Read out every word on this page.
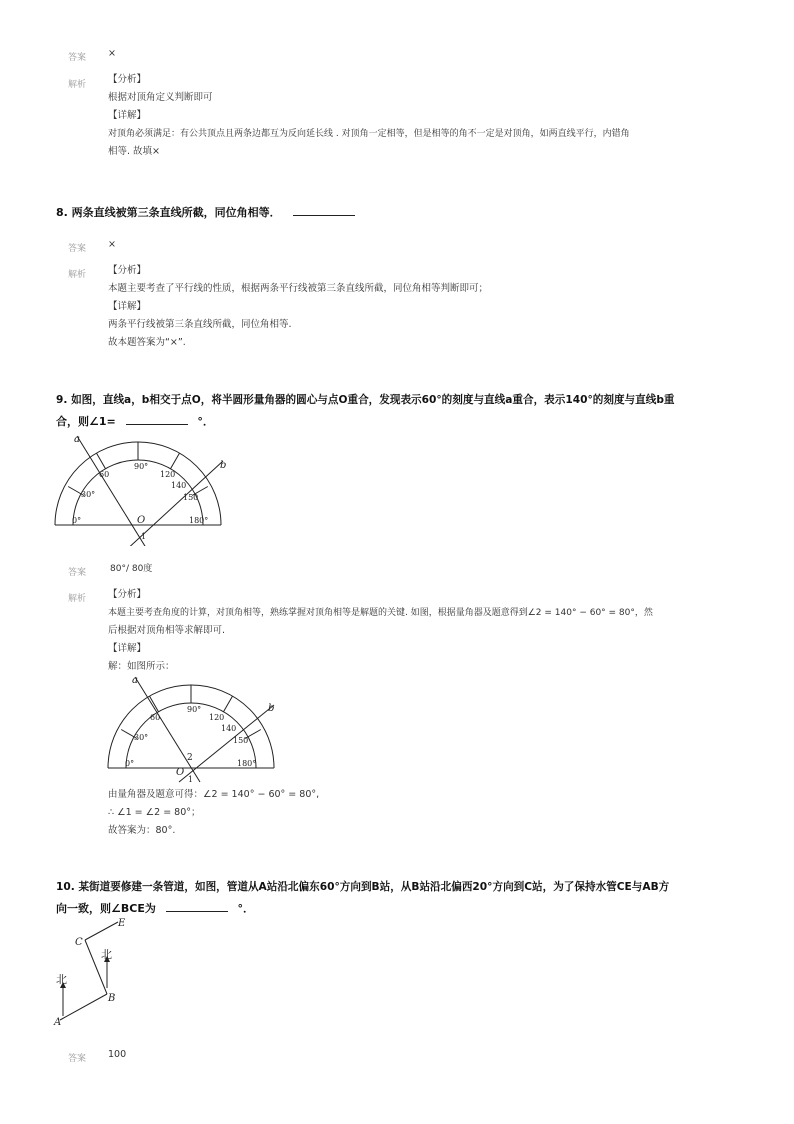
答案 ×
解析 【分析】
根据对顶角定义判断即可
【详解】
对顶角必须满足：有公共顶点且两条边都互为反向延长线 . 对顶角一定相等，但是相等的角不一定是对顶角，如两直线平行，内错角
相等. 故填×
8. 两条直线被第三条直线所截，同位角相等．
答案 ×
解析 【分析】
本题主要考查了平行线的性质，根据两条平行线被第三条直线所截，同位角相等判断即可；
【详解】
两条平行线被第三条直线所截，同位角相等.
故本题答案为“×”.
9. 如图，直线a，b相交于点O，将半圆形量角器的圆心与点O重合，发现表示60°的刻度与直线a重合，表示140°的刻度与直线b重
合，则∠1=	°．
a
b
O
1
0°
30°
60
90°
120
140
150
180°
答案	80°/ 80度
解析 【分析】
本题主要考查角度的计算，对顶角相等，熟练掌握对顶角相等是解题的关键. 如图，根据量角器及题意得到∠2 = 140° − 60° = 80°，然
后根据对顶角相等求解即可.
【详解】
解：如图所示：
a
b
O
2
1
0°
30°
60
90°
120
140
150
180°
由量角器及题意可得：∠2 = 140° − 60° = 80°,
∴ ∠1 = ∠2 = 80°；
故答案为：80°.
10. 某街道要修建一条管道，如图，管道从A站沿北偏东60°方向到B站，从B站沿北偏西20°方向到C站，为了保持水管CE与AB方
向一致，则∠BCE为	°．
A
B
C
E
北
北
答案 100
